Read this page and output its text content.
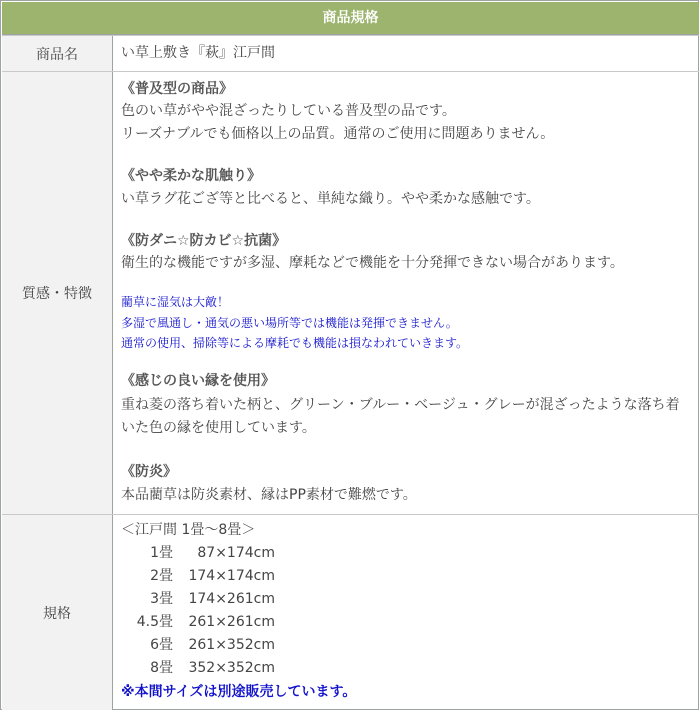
商品規格
商品名	い草上敷き『萩』江戸間
質感・特徴
《普及型の商品》
色のい草がやや混ざったりしている普及型の品です。
リーズナブルでも価格以上の品質。通常のご使用に問題ありません。
《やや柔かな肌触り》
い草ラグ花ござ等と比べると、単純な織り。やや柔かな感触です。
《防ダニ☆防カビ☆抗菌》
衛生的な機能ですが多湿、摩耗などで機能を十分発揮できない場合があります。
藺草に湿気は大敵！
多湿で風通し・通気の悪い場所等では機能は発揮できません。
通常の使用、掃除等による摩耗でも機能は損なわれていきます。
《感じの良い縁を使用》
重ね菱の落ち着いた柄と、グリーン・ブルー・ベージュ・グレーが混ざったような落ち着いた色の縁を使用しています。
《防炎》
本品藺草は防炎素材、縁はPP素材で難燃です。
規格
＜江戸間 1畳～8畳＞
1畳 87×174cm
2畳 174×174cm
3畳 174×261cm
4.5畳 261×261cm
6畳 261×352cm
8畳 352×352cm
※本間サイズは別途販売しています。
